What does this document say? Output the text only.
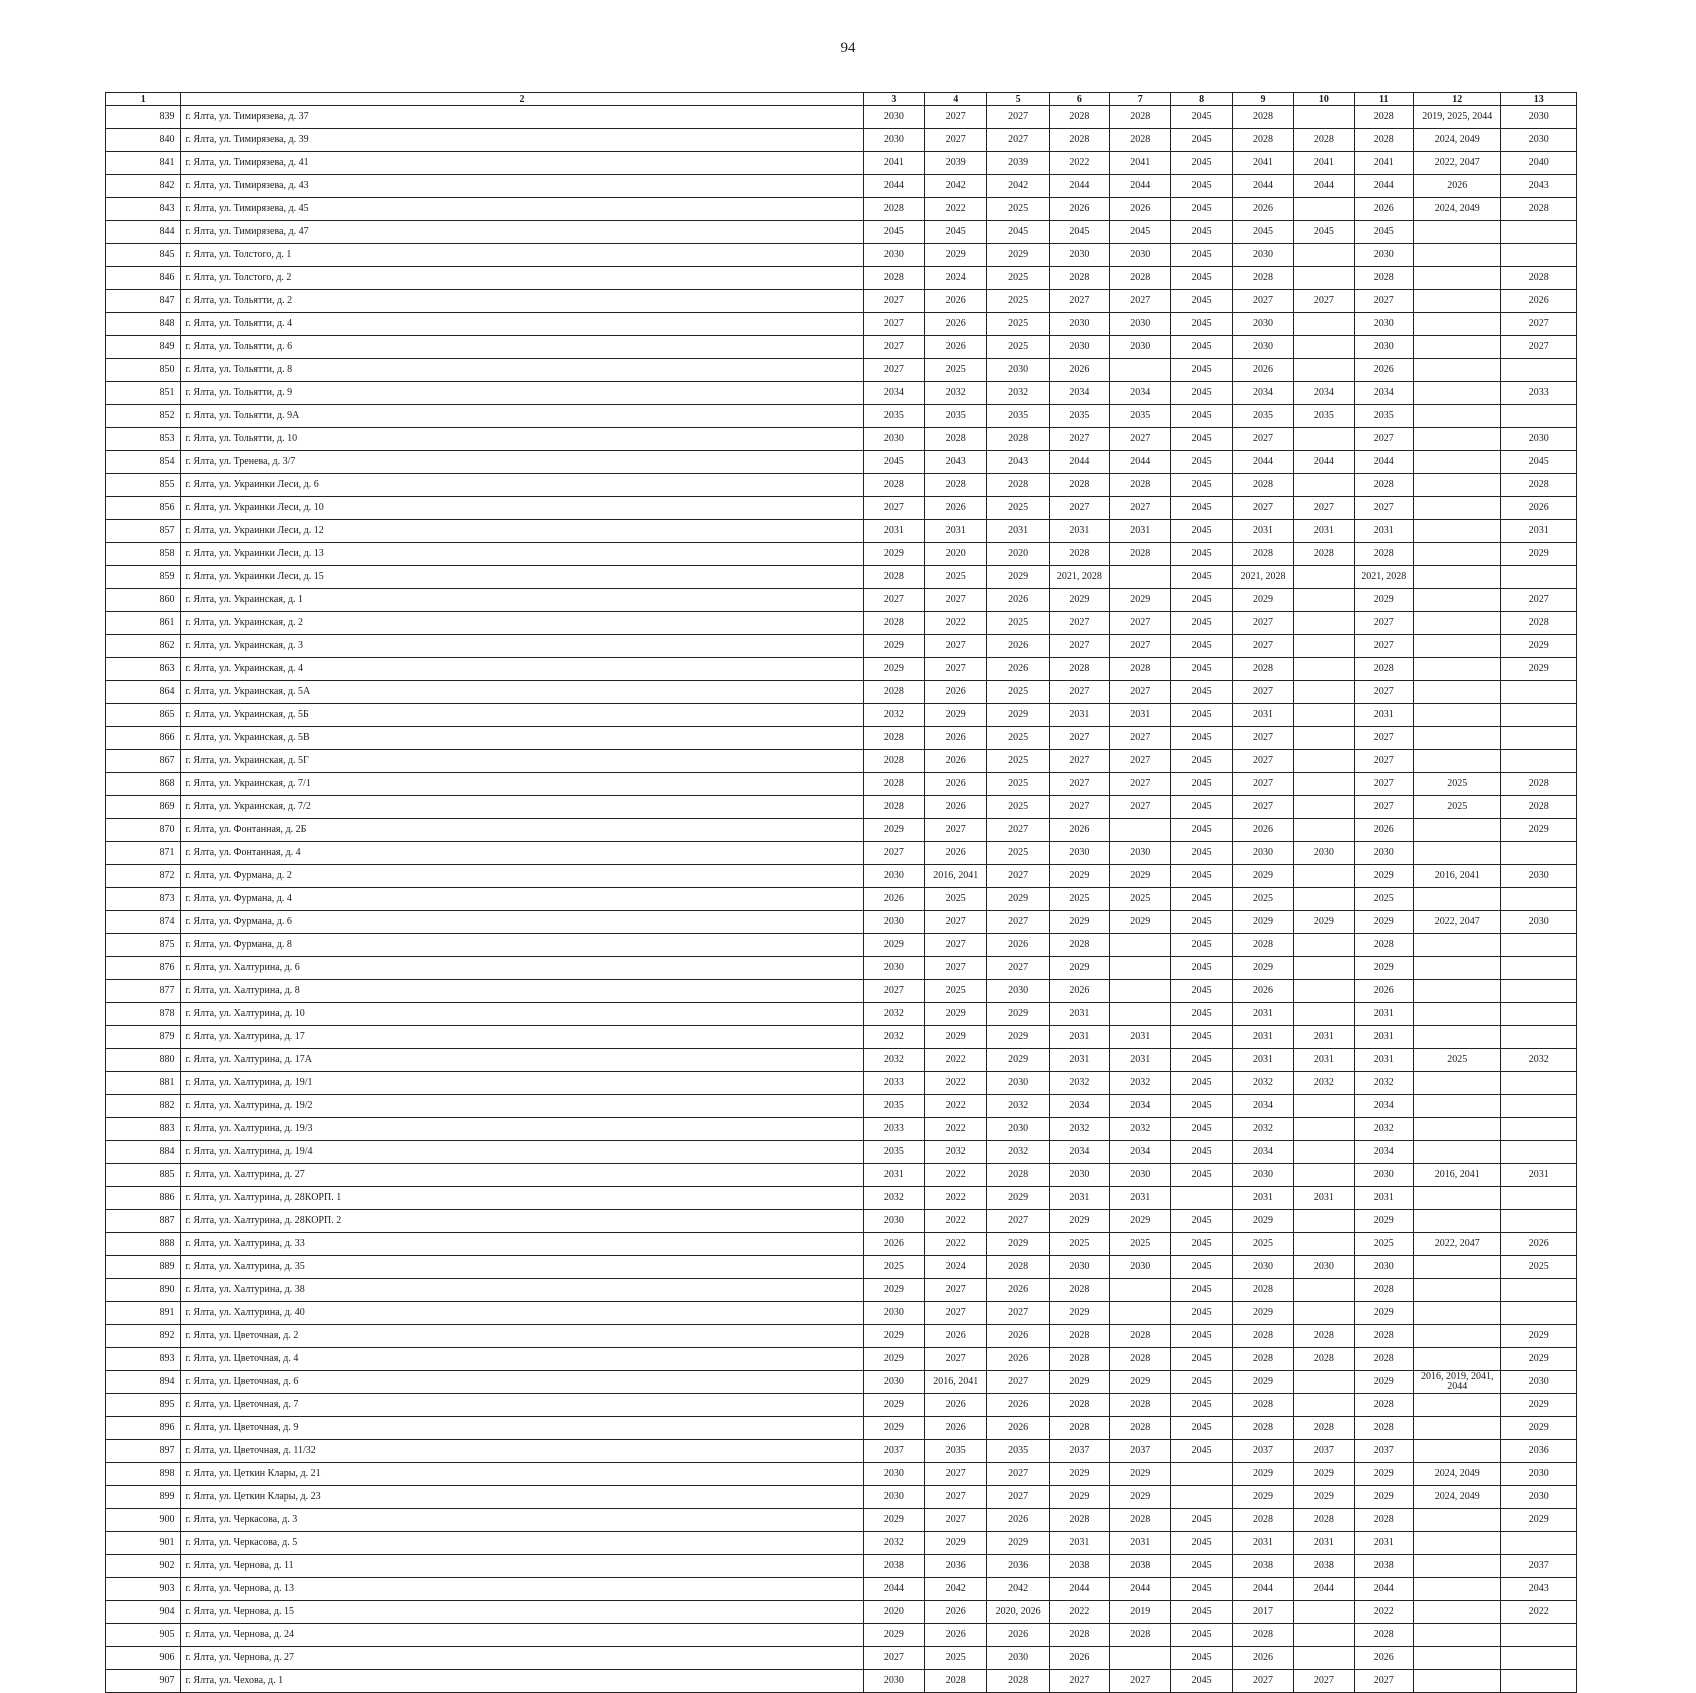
94
1	2	3	4	5	6	7	8	9	10	11	12	13
839	г. Ялта, ул. Тимирязева, д. 37	2030	2027	2027	2028	2028	2045	2028		2028	2019, 2025, 2044	2030
840	г. Ялта, ул. Тимирязева, д. 39	2030	2027	2027	2028	2028	2045	2028	2028	2028	2024, 2049	2030
841	г. Ялта, ул. Тимирязева, д. 41	2041	2039	2039	2022	2041	2045	2041	2041	2041	2022, 2047	2040
842	г. Ялта, ул. Тимирязева, д. 43	2044	2042	2042	2044	2044	2045	2044	2044	2044	2026	2043
843	г. Ялта, ул. Тимирязева, д. 45	2028	2022	2025	2026	2026	2045	2026		2026	2024, 2049	2028
844	г. Ялта, ул. Тимирязева, д. 47	2045	2045	2045	2045	2045	2045	2045	2045	2045		
845	г. Ялта, ул. Толстого, д. 1	2030	2029	2029	2030	2030	2045	2030		2030		
846	г. Ялта, ул. Толстого, д. 2	2028	2024	2025	2028	2028	2045	2028		2028		2028
847	г. Ялта, ул. Тольятти, д. 2	2027	2026	2025	2027	2027	2045	2027	2027	2027		2026
848	г. Ялта, ул. Тольятти, д. 4	2027	2026	2025	2030	2030	2045	2030		2030		2027
849	г. Ялта, ул. Тольятти, д. 6	2027	2026	2025	2030	2030	2045	2030		2030		2027
850	г. Ялта, ул. Тольятти, д. 8	2027	2025	2030	2026		2045	2026		2026		
851	г. Ялта, ул. Тольятти, д. 9	2034	2032	2032	2034	2034	2045	2034	2034	2034		2033
852	г. Ялта, ул. Тольятти, д. 9А	2035	2035	2035	2035	2035	2045	2035	2035	2035		
853	г. Ялта, ул. Тольятти, д. 10	2030	2028	2028	2027	2027	2045	2027		2027		2030
854	г. Ялта, ул. Тренева, д. 3/7	2045	2043	2043	2044	2044	2045	2044	2044	2044		2045
855	г. Ялта, ул. Украинки Леси, д. 6	2028	2028	2028	2028	2028	2045	2028		2028		2028
856	г. Ялта, ул. Украинки Леси, д. 10	2027	2026	2025	2027	2027	2045	2027	2027	2027		2026
857	г. Ялта, ул. Украинки Леси, д. 12	2031	2031	2031	2031	2031	2045	2031	2031	2031		2031
858	г. Ялта, ул. Украинки Леси, д. 13	2029	2020	2020	2028	2028	2045	2028	2028	2028		2029
859	г. Ялта, ул. Украинки Леси, д. 15	2028	2025	2029	2021, 2028		2045	2021, 2028		2021, 2028		
860	г. Ялта, ул. Украинская, д. 1	2027	2027	2026	2029	2029	2045	2029		2029		2027
861	г. Ялта, ул. Украинская, д. 2	2028	2022	2025	2027	2027	2045	2027		2027		2028
862	г. Ялта, ул. Украинская, д. 3	2029	2027	2026	2027	2027	2045	2027		2027		2029
863	г. Ялта, ул. Украинская, д. 4	2029	2027	2026	2028	2028	2045	2028		2028		2029
864	г. Ялта, ул. Украинская, д. 5А	2028	2026	2025	2027	2027	2045	2027		2027		
865	г. Ялта, ул. Украинская, д. 5Б	2032	2029	2029	2031	2031	2045	2031		2031		
866	г. Ялта, ул. Украинская, д. 5В	2028	2026	2025	2027	2027	2045	2027		2027		
867	г. Ялта, ул. Украинская, д. 5Г	2028	2026	2025	2027	2027	2045	2027		2027		
868	г. Ялта, ул. Украинская, д. 7/1	2028	2026	2025	2027	2027	2045	2027		2027	2025	2028
869	г. Ялта, ул. Украинская, д. 7/2	2028	2026	2025	2027	2027	2045	2027		2027	2025	2028
870	г. Ялта, ул. Фонтанная, д. 2Б	2029	2027	2027	2026		2045	2026		2026		2029
871	г. Ялта, ул. Фонтанная, д. 4	2027	2026	2025	2030	2030	2045	2030	2030	2030		
872	г. Ялта, ул. Фурмана, д. 2	2030	2016, 2041	2027	2029	2029	2045	2029		2029	2016, 2041	2030
873	г. Ялта, ул. Фурмана, д. 4	2026	2025	2029	2025	2025	2045	2025		2025		
874	г. Ялта, ул. Фурмана, д. 6	2030	2027	2027	2029	2029	2045	2029	2029	2029	2022, 2047	2030
875	г. Ялта, ул. Фурмана, д. 8	2029	2027	2026	2028		2045	2028		2028		
876	г. Ялта, ул. Халтурина, д. 6	2030	2027	2027	2029		2045	2029		2029		
877	г. Ялта, ул. Халтурина, д. 8	2027	2025	2030	2026		2045	2026		2026		
878	г. Ялта, ул. Халтурина, д. 10	2032	2029	2029	2031		2045	2031		2031		
879	г. Ялта, ул. Халтурина, д. 17	2032	2029	2029	2031	2031	2045	2031	2031	2031		
880	г. Ялта, ул. Халтурина, д. 17А	2032	2022	2029	2031	2031	2045	2031	2031	2031	2025	2032
881	г. Ялта, ул. Халтурина, д. 19/1	2033	2022	2030	2032	2032	2045	2032	2032	2032		
882	г. Ялта, ул. Халтурина, д. 19/2	2035	2022	2032	2034	2034	2045	2034		2034		
883	г. Ялта, ул. Халтурина, д. 19/3	2033	2022	2030	2032	2032	2045	2032		2032		
884	г. Ялта, ул. Халтурина, д. 19/4	2035	2032	2032	2034	2034	2045	2034		2034		
885	г. Ялта, ул. Халтурина, д. 27	2031	2022	2028	2030	2030	2045	2030		2030	2016, 2041	2031
886	г. Ялта, ул. Халтурина, д. 28КОРП. 1	2032	2022	2029	2031	2031		2031	2031	2031		
887	г. Ялта, ул. Халтурина, д. 28КОРП. 2	2030	2022	2027	2029	2029	2045	2029		2029		
888	г. Ялта, ул. Халтурина, д. 33	2026	2022	2029	2025	2025	2045	2025		2025	2022, 2047	2026
889	г. Ялта, ул. Халтурина, д. 35	2025	2024	2028	2030	2030	2045	2030	2030	2030		2025
890	г. Ялта, ул. Халтурина, д. 38	2029	2027	2026	2028		2045	2028		2028		
891	г. Ялта, ул. Халтурина, д. 40	2030	2027	2027	2029		2045	2029		2029		
892	г. Ялта, ул. Цветочная, д. 2	2029	2026	2026	2028	2028	2045	2028	2028	2028		2029
893	г. Ялта, ул. Цветочная, д. 4	2029	2027	2026	2028	2028	2045	2028	2028	2028		2029
894	г. Ялта, ул. Цветочная, д. 6	2030	2016, 2041	2027	2029	2029	2045	2029		2029	2016, 2019, 2041, 2044	2030
895	г. Ялта, ул. Цветочная, д. 7	2029	2026	2026	2028	2028	2045	2028		2028		2029
896	г. Ялта, ул. Цветочная, д. 9	2029	2026	2026	2028	2028	2045	2028	2028	2028		2029
897	г. Ялта, ул. Цветочная, д. 11/32	2037	2035	2035	2037	2037	2045	2037	2037	2037		2036
898	г. Ялта, ул. Цеткин Клары, д. 21	2030	2027	2027	2029	2029		2029	2029	2029	2024, 2049	2030
899	г. Ялта, ул. Цеткин Клары, д. 23	2030	2027	2027	2029	2029		2029	2029	2029	2024, 2049	2030
900	г. Ялта, ул. Черкасова, д. 3	2029	2027	2026	2028	2028	2045	2028	2028	2028		2029
901	г. Ялта, ул. Черкасова, д. 5	2032	2029	2029	2031	2031	2045	2031	2031	2031		
902	г. Ялта, ул. Чернова, д. 11	2038	2036	2036	2038	2038	2045	2038	2038	2038		2037
903	г. Ялта, ул. Чернова, д. 13	2044	2042	2042	2044	2044	2045	2044	2044	2044		2043
904	г. Ялта, ул. Чернова, д. 15	2020	2026	2020, 2026	2022	2019	2045	2017		2022		2022
905	г. Ялта, ул. Чернова, д. 24	2029	2026	2026	2028	2028	2045	2028		2028		
906	г. Ялта, ул. Чернова, д. 27	2027	2025	2030	2026		2045	2026		2026		
907	г. Ялта, ул. Чехова, д. 1	2030	2028	2028	2027	2027	2045	2027	2027	2027		
